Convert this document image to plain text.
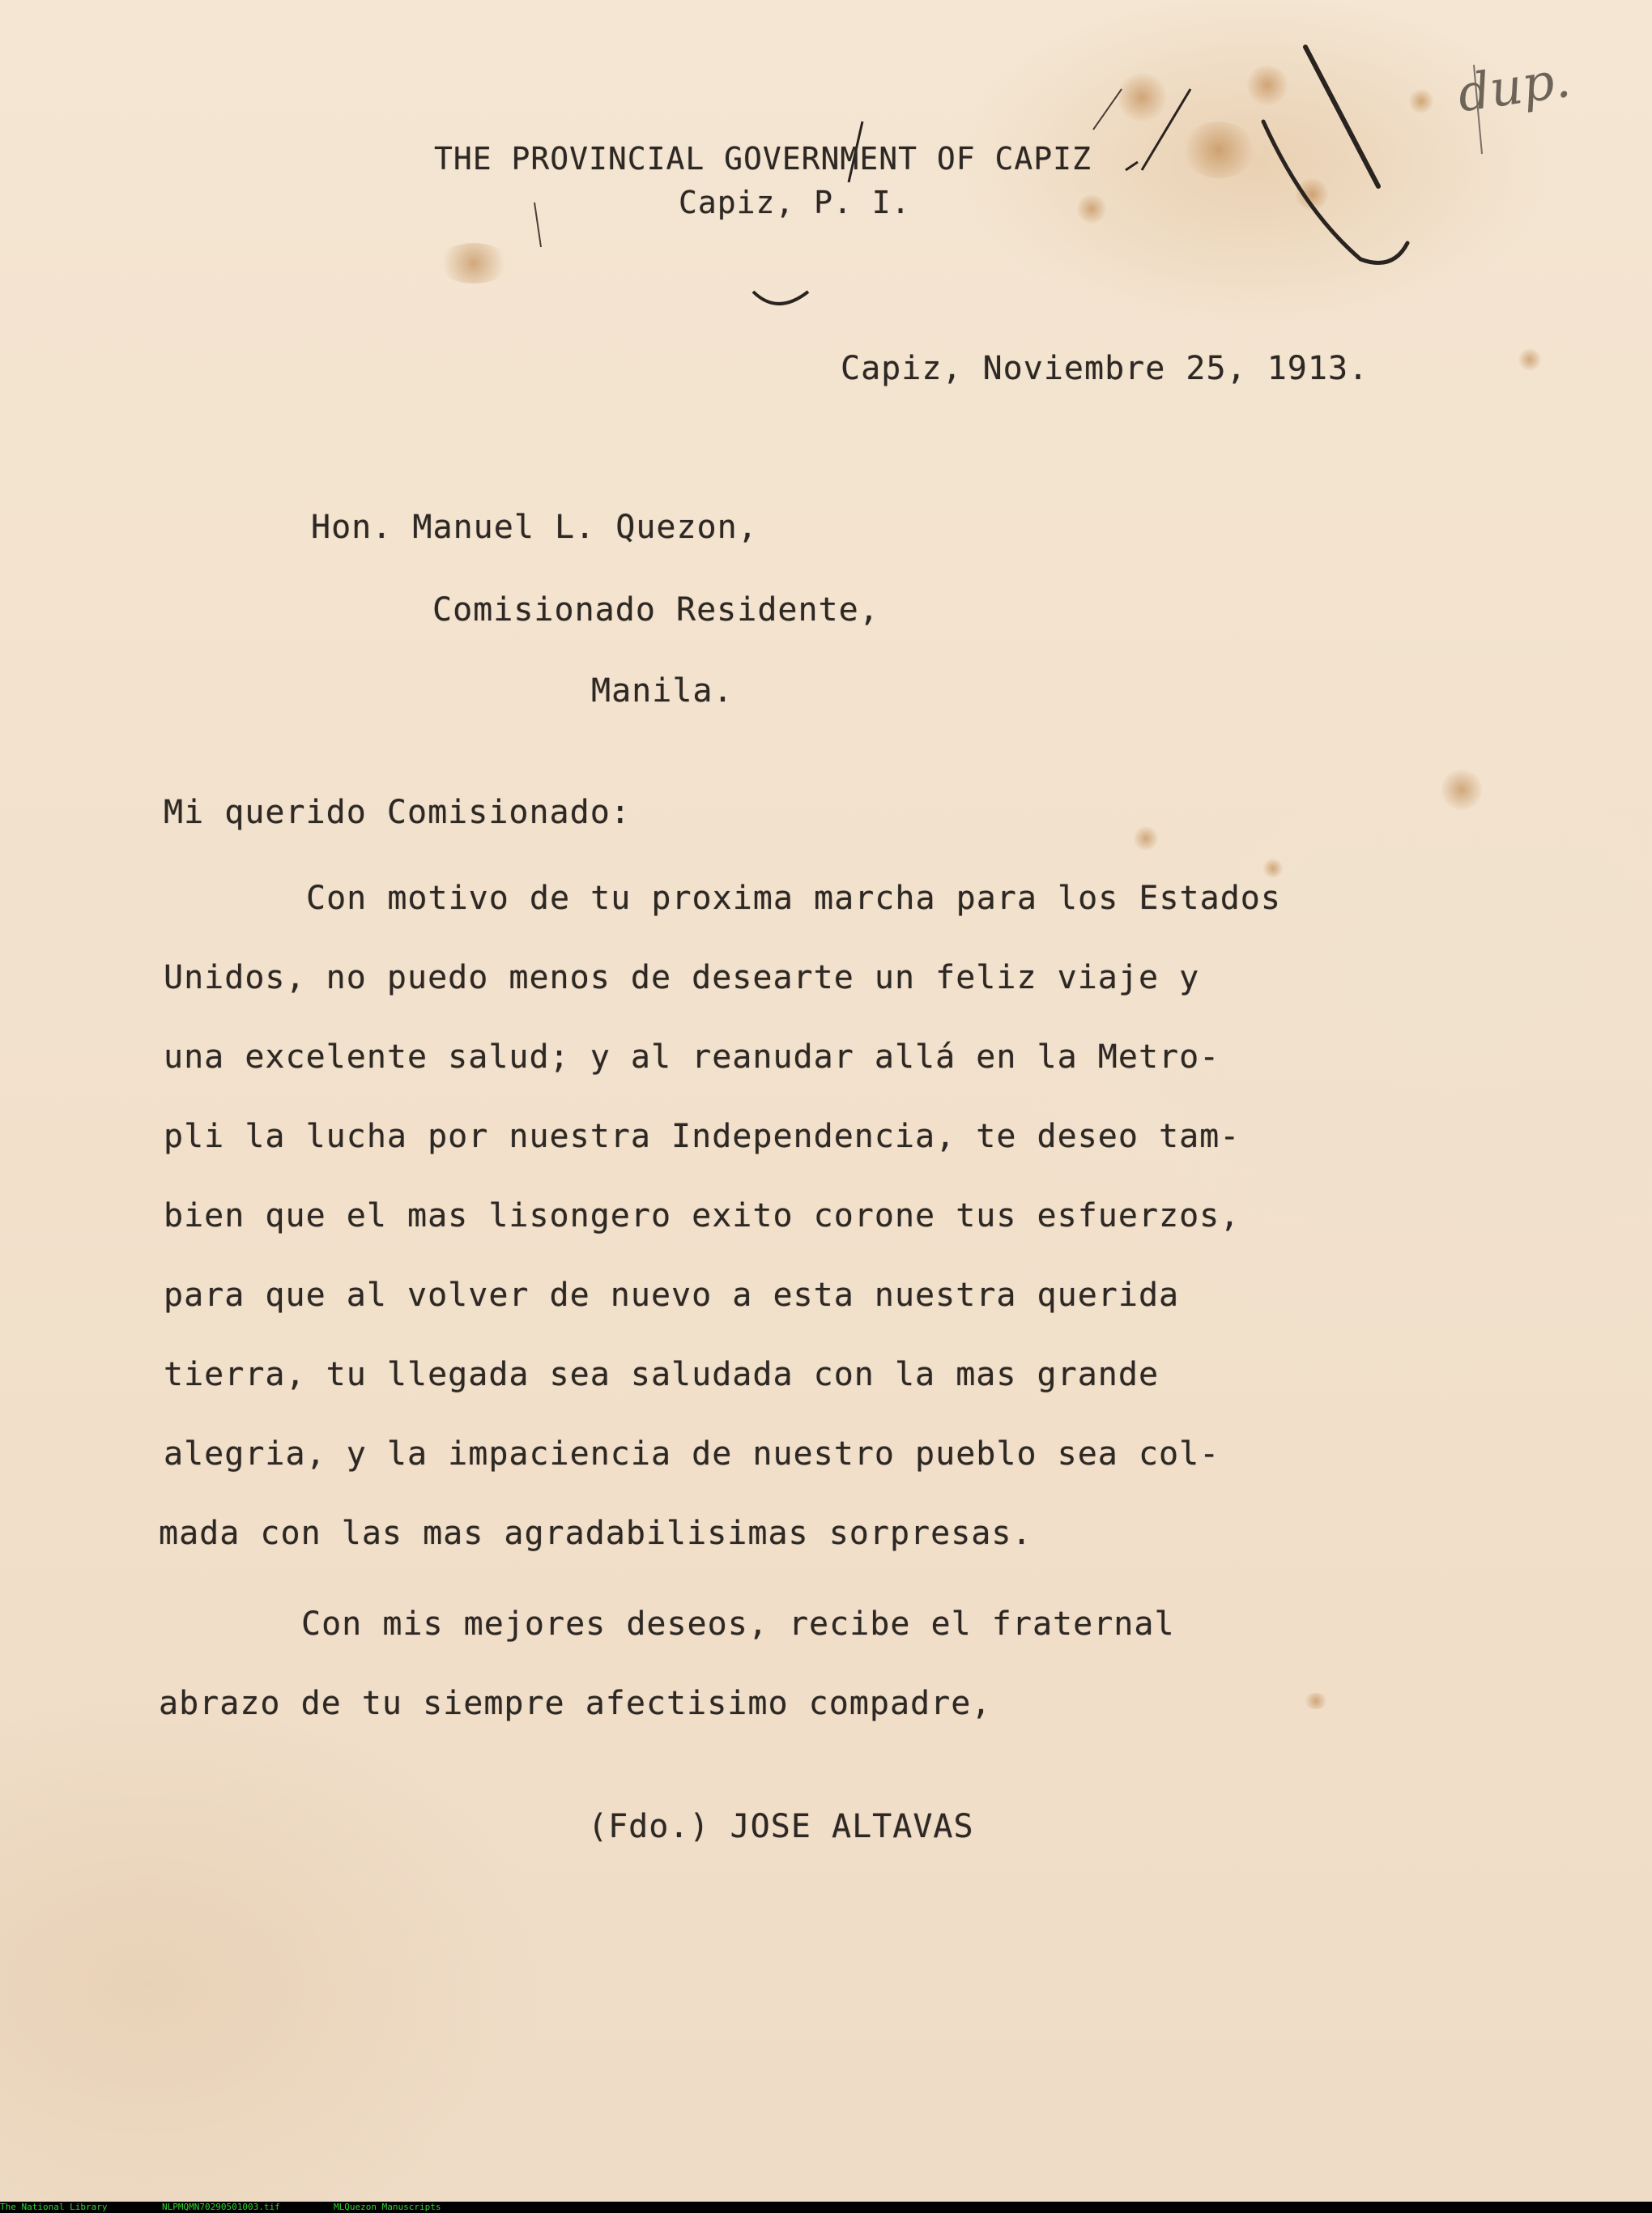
dup.
THE PROVINCIAL GOVERNMENT OF CAPIZ
Capiz, P. I.
Capiz, Noviembre 25, 1913.
Hon. Manuel L. Quezon,
Comisionado Residente,
Manila.
Mi querido Comisionado:
Con motivo de tu proxima marcha para los Estados
Unidos, no puedo menos de desearte un feliz viaje y
una excelente salud; y al reanudar allá en la Metro-
pli la lucha por nuestra Independencia, te deseo tam-
bien que el mas lisongero exito corone tus esfuerzos,
para que al volver de nuevo a esta nuestra querida
tierra, tu llegada sea saludada con la mas grande
alegria, y la impaciencia de nuestro pueblo sea col-
mada con las mas agradabilisimas sorpresas.
Con mis mejores deseos, recibe el fraternal
abrazo de tu siempre afectisimo compadre,
(Fdo.) JOSE ALTAVAS
The National Library	NLPMQMN70290501003.tif	MLQuezon Manuscripts
